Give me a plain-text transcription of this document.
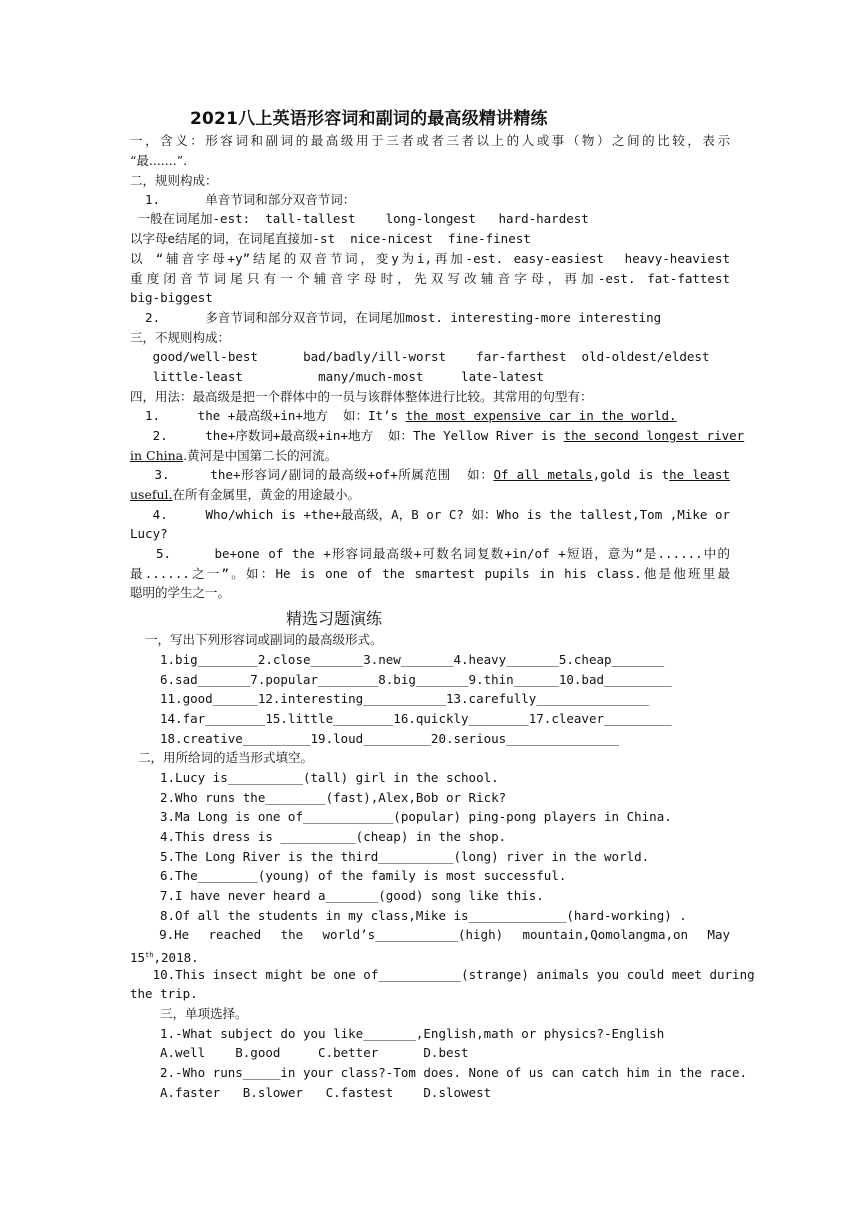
2021八上英语形容词和副词的最高级精讲精练
一，含义：形容词和副词的最高级用于三者或者三者以上的人或事（物）之间的比较，表示
“最.......”.
二，规则构成：
1.      单音节词和部分双音节词：
一般在词尾加-est:  tall-tallest    long-longest   hard-hardest
以字母e结尾的词，在词尾直接加-st  nice-nicest  fine-finest
以 “辅音字母+y”结尾的双音节词，变y为i,再加-est. easy-easiest  heavy-heaviest
重度闭音节词尾只有一个辅音字母时，先双写改辅音字母，再加-est. fat-fattest
big-biggest
2.      多音节词和部分双音节词，在词尾加most. interesting-more interesting
三，不规则构成：
good/well-best      bad/badly/ill-worst    far-farthest  old-oldest/eldest
little-least          many/much-most     late-latest
四，用法：最高级是把一个群体中的一员与该群体整体进行比较。其常用的句型有：
1.     the +最高级+in+地方  如：It’s the most expensive car in the world.
2.     the+序数词+最高级+in+地方  如：The Yellow River is the second longest river
in China.黄河是中国第二长的河流。
3.     the+形容词/副词的最高级+of+所属范围  如：Of all metals,gold is the least
useful.在所有金属里，黄金的用途最小。
4.     Who/which is +the+最高级，A，B or C? 如：Who is the tallest,Tom ,Mike or
Lucy?
5.     be+one of the +形容词最高级+可数名词复数+in/of +短语，意为“是......中的
最......之一”。如：He is one of the smartest pupils in his class.他是他班里最
聪明的学生之一。
精选习题演练
一，写出下列形容词或副词的最高级形式。
1.big________2.close_______3.new_______4.heavy_______5.cheap_______
6.sad_______7.popular________8.big_______9.thin______10.bad_________
11.good______12.interesting___________13.carefully_______________
14.far________15.little________16.quickly________17.cleaver_________
18.creative_________19.loud_________20.serious_______________
二，用所给词的适当形式填空。
1.Lucy is__________(tall) girl in the school.
2.Who runs the________(fast),Alex,Bob or Rick?
3.Ma Long is one of____________(popular) ping-pong players in China.
4.This dress is __________(cheap) in the shop.
5.The Long River is the third__________(long) river in the world.
6.The________(young) of the family is most successful.
7.I have never heard a_______(good) song like this.
8.Of all the students in my class,Mike is_____________(hard-working) .
9.He  reached  the  world’s___________(high)  mountain,Qomolangma,on  May
15th,2018.
10.This insect might be one of___________(strange) animals you could meet during
the trip.
三，单项选择。
1.-What subject do you like_______,English,math or physics?-English
A.well    B.good     C.better      D.best
2.-Who runs_____in your class?-Tom does. None of us can catch him in the race.
A.faster   B.slower   C.fastest    D.slowest
